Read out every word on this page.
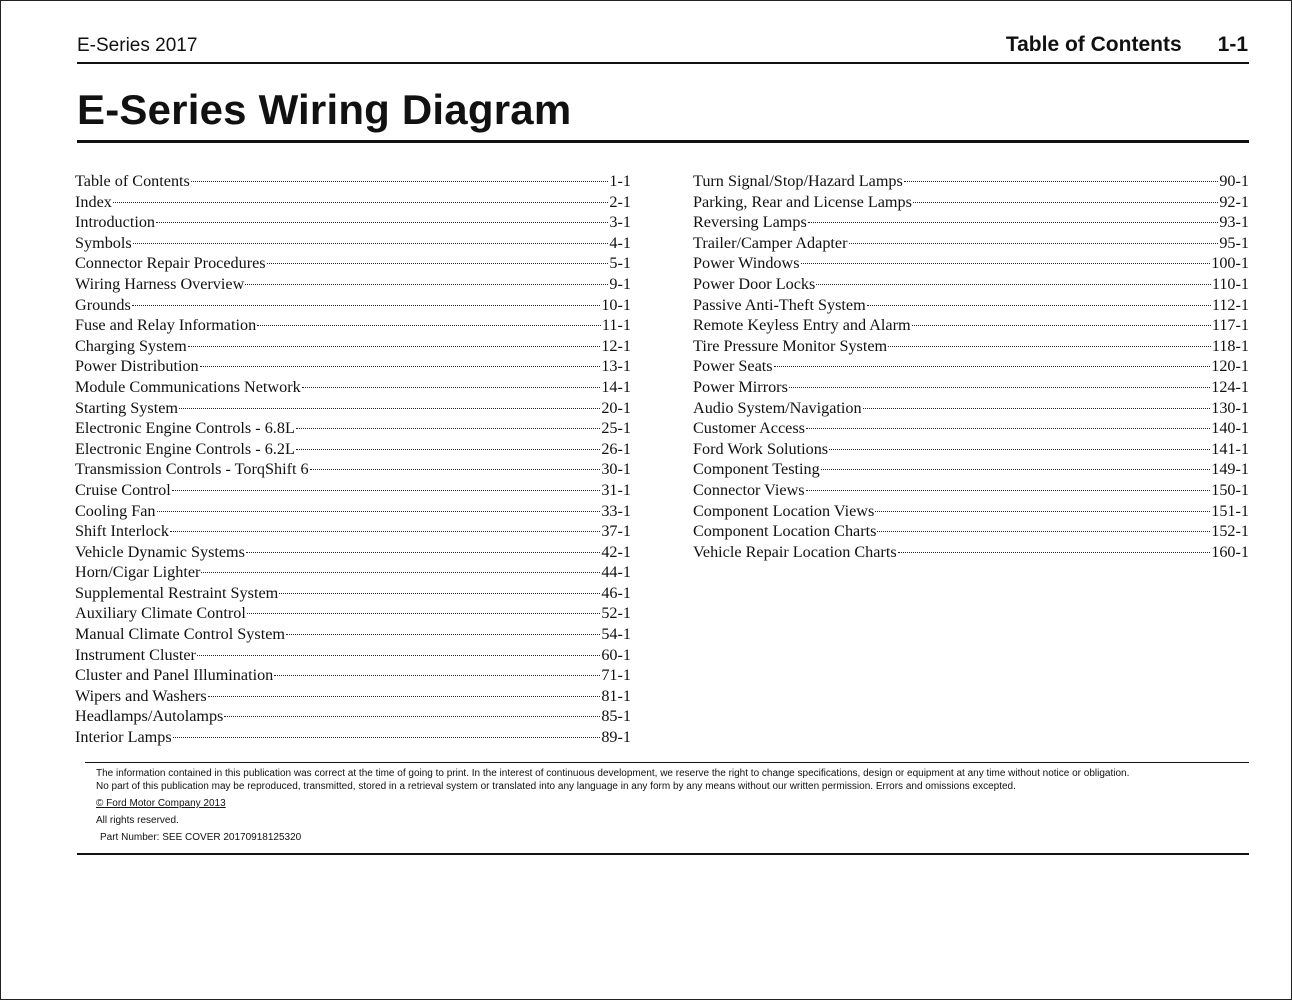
E-Series 2017	Table of Contents 1-1
E-Series Wiring Diagram
Table of Contents	1-1
Index	2-1
Introduction	3-1
Symbols	4-1
Connector Repair Procedures	5-1
Wiring Harness Overview	9-1
Grounds	10-1
Fuse and Relay Information	11-1
Charging System	12-1
Power Distribution	13-1
Module Communications Network	14-1
Starting System	20-1
Electronic Engine Controls - 6.8L	25-1
Electronic Engine Controls - 6.2L	26-1
Transmission Controls - TorqShift 6	30-1
Cruise Control	31-1
Cooling Fan	33-1
Shift Interlock	37-1
Vehicle Dynamic Systems	42-1
Horn/Cigar Lighter	44-1
Supplemental Restraint System	46-1
Auxiliary Climate Control	52-1
Manual Climate Control System	54-1
Instrument Cluster	60-1
Cluster and Panel Illumination	71-1
Wipers and Washers	81-1
Headlamps/Autolamps	85-1
Interior Lamps	89-1
Turn Signal/Stop/Hazard Lamps	90-1
Parking, Rear and License Lamps	92-1
Reversing Lamps	93-1
Trailer/Camper Adapter	95-1
Power Windows	100-1
Power Door Locks	110-1
Passive Anti-Theft System	112-1
Remote Keyless Entry and Alarm	117-1
Tire Pressure Monitor System	118-1
Power Seats	120-1
Power Mirrors	124-1
Audio System/Navigation	130-1
Customer Access	140-1
Ford Work Solutions	141-1
Component Testing	149-1
Connector Views	150-1
Component Location Views	151-1
Component Location Charts	152-1
Vehicle Repair Location Charts	160-1
The information contained in this publication was correct at the time of going to print. In the interest of continuous development, we reserve the right to change specifications, design or equipment at any time without notice or obligation.
No part of this publication may be reproduced, transmitted, stored in a retrieval system or translated into any language in any form by any means without our written permission. Errors and omissions excepted.
© Ford Motor Company 2013
All rights reserved.
Part Number: SEE COVER 20170918125320
